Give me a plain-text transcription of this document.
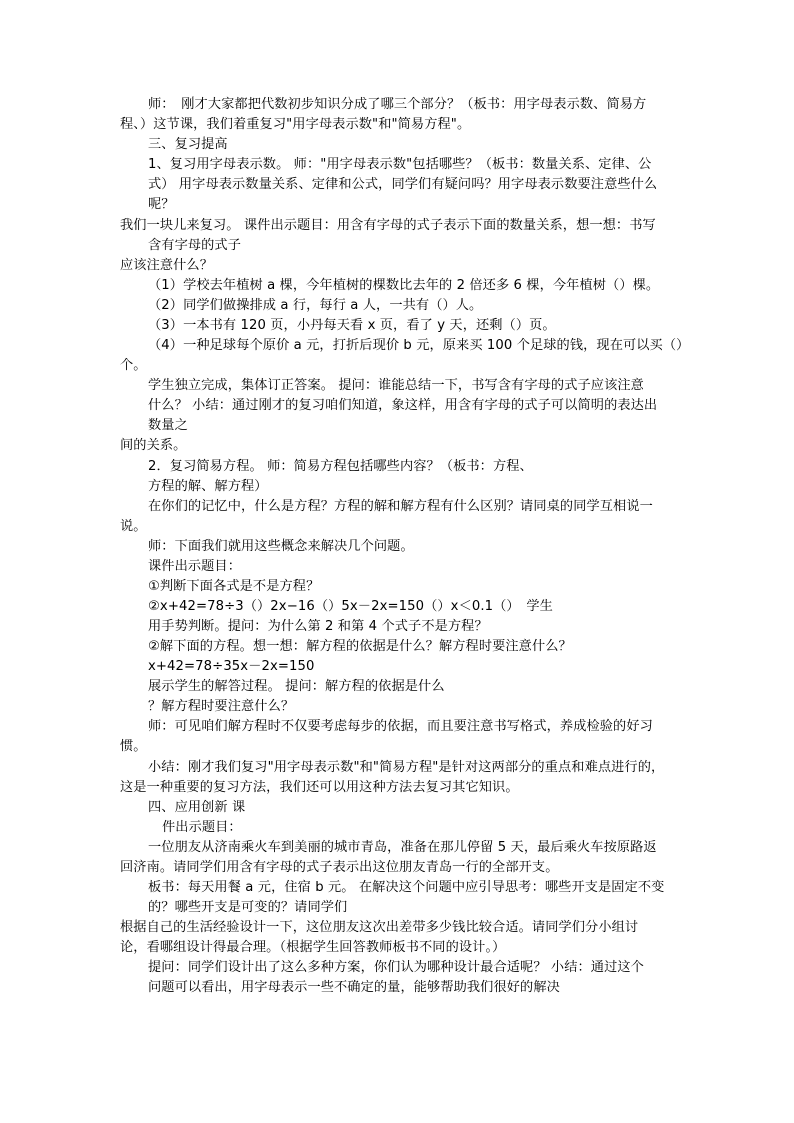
师：　刚才大家都把代数初步知识分成了哪三个部分？（板书：用字母表示数、简易方

程、）这节课，我们着重复习"用字母表示数"和"简易方程"。

三、复习提高

1、复习用字母表示数。 师："用字母表示数"包括哪些？（板书：数量关系、定律、公

式） 用字母表示数量关系、定律和公式，同学们有疑问吗？用字母表示数要注意些什么

呢？

我们一块儿来复习。 课件出示题目：用含有字母的式子表示下面的数量关系，想一想：书写

含有字母的式子

应该注意什么？

（1）学校去年植树 a 棵，今年植树的棵数比去年的 2 倍还多 6 棵，今年植树（）棵。

（2）同学们做操排成 a 行，每行 a 人，一共有（）人。

（3）一本书有 120 页，小丹每天看 x 页，看了 y 天，还剩（）页。

（4）一种足球每个原价 a 元，打折后现价 b 元，原来买 100 个足球的钱，现在可以买（）

个。

学生独立完成，集体订正答案。 提问：谁能总结一下，书写含有字母的式子应该注意

什么？ 小结：通过刚才的复习咱们知道，象这样，用含有字母的式子可以简明的表达出

数量之

间的关系。

2．复习简易方程。 师：简易方程包括哪些内容？（板书：方程、

方程的解、解方程）

在你们的记忆中，什么是方程？方程的解和解方程有什么区别？请同桌的同学互相说一

说。

师：下面我们就用这些概念来解决几个问题。

课件出示题目：

①判断下面各式是不是方程？

②x+42=78÷3（）2x−16（）5x－2x=150（）x＜0.1（）　学生

用手势判断。提问：为什么第 2 和第 4 个式子不是方程？

②解下面的方程。想一想：解方程的依据是什么？解方程时要注意什么？

x+42=78÷35x－2x=150

展示学生的解答过程。 提问：解方程的依据是什么

？解方程时要注意什么？

师：可见咱们解方程时不仅要考虑每步的依据，而且要注意书写格式，养成检验的好习

惯。

小结：刚才我们复习"用字母表示数"和"简易方程"是针对这两部分的重点和难点进行的，

这是一种重要的复习方法，我们还可以用这种方法去复习其它知识。

四、应用创新 课

件出示题目：

一位朋友从济南乘火车到美丽的城市青岛，准备在那儿停留 5 天，最后乘火车按原路返

回济南。请同学们用含有字母的式子表示出这位朋友青岛一行的全部开支。

板书：每天用餐 a 元，住宿 b 元。 在解决这个问题中应引导思考：哪些开支是固定不变

的？哪些开支是可变的？请同学们

根据自己的生活经验设计一下，这位朋友这次出差带多少钱比较合适。请同学们分小组讨

论，看哪组设计得最合理。（根据学生回答教师板书不同的设计。）

提问：同学们设计出了这么多种方案，你们认为哪种设计最合适呢？ 小结：通过这个

问题可以看出，用字母表示一些不确定的量，能够帮助我们很好的解决
